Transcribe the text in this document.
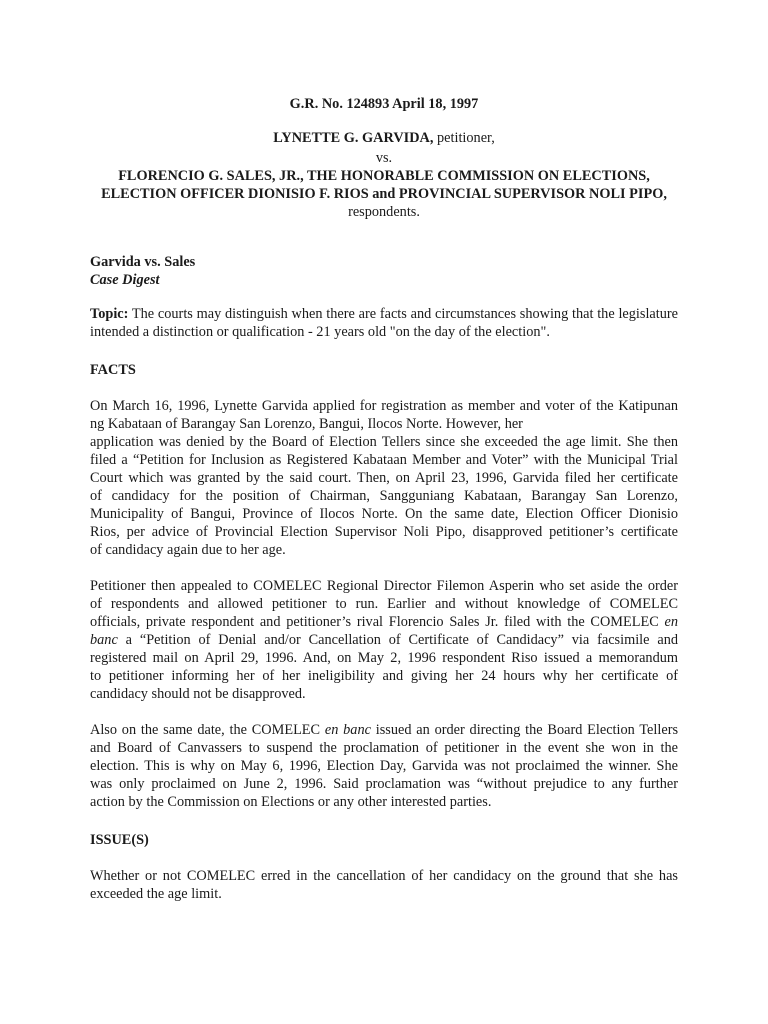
G.R. No. 124893 April 18, 1997

LYNETTE G. GARVIDA, petitioner,

vs.

FLORENCIO G. SALES, JR., THE HONORABLE COMMISSION ON ELECTIONS, ELECTION OFFICER DIONISIO F. RIOS and PROVINCIAL SUPERVISOR NOLI PIPO, respondents.

Garvida vs. Sales

Case Digest

Topic: The courts may distinguish when there are facts and circumstances showing that the legislature intended a distinction or qualification - 21 years old "on the day of the election".

FACTS

On March 16, 1996, Lynette Garvida applied for registration as member and voter of the Katipunan
ng Kabataan of Barangay San Lorenzo, Bangui, Ilocos Norte. However, her
application was denied by the Board of Election Tellers since she exceeded the age limit. She then
filed a “Petition for Inclusion as Registered Kabataan Member and Voter” with the Municipal Trial
Court which was granted by the said court. Then, on April 23, 1996, Garvida filed her certificate
of candidacy for the position of Chairman, Sangguniang Kabataan, Barangay San Lorenzo,
Municipality of Bangui, Province of Ilocos Norte. On the same date, Election Officer Dionisio
Rios, per advice of Provincial Election Supervisor Noli Pipo, disapproved petitioner’s certificate
of candidacy again due to her age.
Petitioner then appealed to COMELEC Regional Director Filemon Asperin who set aside the order
of respondents and allowed petitioner to run. Earlier and without knowledge of COMELEC
officials, private respondent and petitioner’s rival Florencio Sales Jr. filed with the COMELEC en
banc a “Petition of Denial and/or Cancellation of Certificate of Candidacy” via facsimile and
registered mail on April 29, 1996. And, on May 2, 1996 respondent Riso issued a memorandum
to petitioner informing her of her ineligibility and giving her 24 hours why her certificate of
candidacy should not be disapproved.
Also on the same date, the COMELEC en banc issued an order directing the Board Election Tellers
and Board of Canvassers to suspend the proclamation of petitioner in the event she won in the
election. This is why on May 6, 1996, Election Day, Garvida was not proclaimed the winner. She
was only proclaimed on June 2, 1996. Said proclamation was “without prejudice to any further
action by the Commission on Elections or any other interested parties.

ISSUE(S)

Whether or not COMELEC erred in the cancellation of her candidacy on the ground that she has
exceeded the age limit.
